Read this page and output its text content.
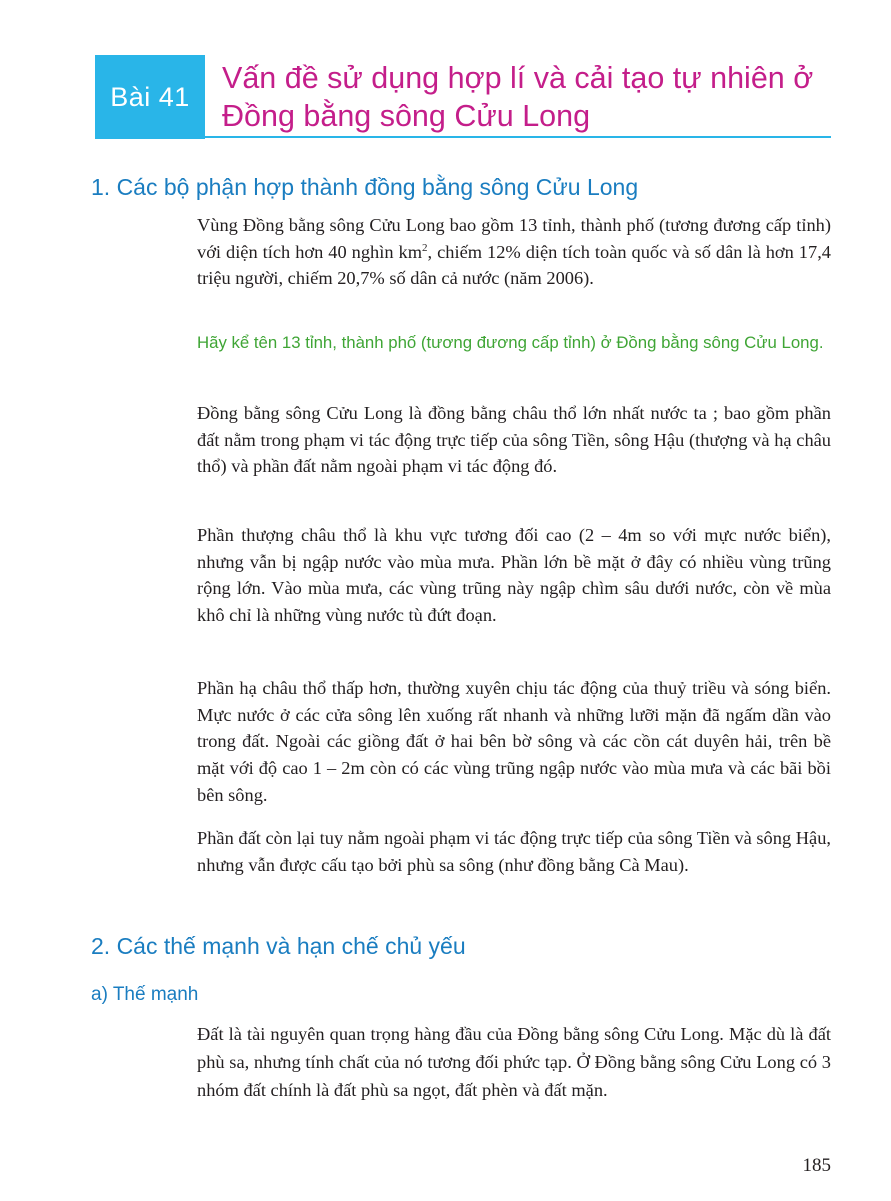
Bài 41
Vấn đề sử dụng hợp lí và cải tạo tự nhiên ở Đồng bằng sông Cửu Long
1. Các bộ phận hợp thành đồng bằng sông Cửu Long

Vùng Đồng bằng sông Cửu Long bao gồm 13 tỉnh, thành phố (tương đương cấp tỉnh) với diện tích hơn 40 nghìn $km^2$, chiếm 12% diện tích toàn quốc và số dân là hơn 17,4 triệu người, chiếm 20,7% số dân cả nước (năm 2006).

Hãy kể tên 13 tỉnh, thành phố (tương đương cấp tỉnh) ở Đồng bằng sông Cửu Long.

Đồng bằng sông Cửu Long là đồng bằng châu thổ lớn nhất nước ta ; bao gồm phần đất nằm trong phạm vi tác động trực tiếp của sông Tiền, sông Hậu (thượng và hạ châu thổ) và phần đất nằm ngoài phạm vi tác động đó.

Phần thượng châu thổ là khu vực tương đối cao (2 – 4m so với mực nước biển), nhưng vẫn bị ngập nước vào mùa mưa. Phần lớn bề mặt ở đây có nhiều vùng trũng rộng lớn. Vào mùa mưa, các vùng trũng này ngập chìm sâu dưới nước, còn về mùa khô chỉ là những vùng nước tù đứt đoạn.

Phần hạ châu thổ thấp hơn, thường xuyên chịu tác động của thuỷ triều và sóng biển. Mực nước ở các cửa sông lên xuống rất nhanh và những lưỡi mặn đã ngấm dần vào trong đất. Ngoài các giồng đất ở hai bên bờ sông và các cồn cát duyên hải, trên bề mặt với độ cao 1 – 2m còn có các vùng trũng ngập nước vào mùa mưa và các bãi bồi bên sông.

Phần đất còn lại tuy nằm ngoài phạm vi tác động trực tiếp của sông Tiền và sông Hậu, nhưng vẫn được cấu tạo bởi phù sa sông (như đồng bằng Cà Mau).

2. Các thế mạnh và hạn chế chủ yếu
a) Thế mạnh

Đất là tài nguyên quan trọng hàng đầu của Đồng bằng sông Cửu Long. Mặc dù là đất phù sa, nhưng tính chất của nó tương đối phức tạp. Ở Đồng bằng sông Cửu Long có 3 nhóm đất chính là đất phù sa ngọt, đất phèn và đất mặn.

185
